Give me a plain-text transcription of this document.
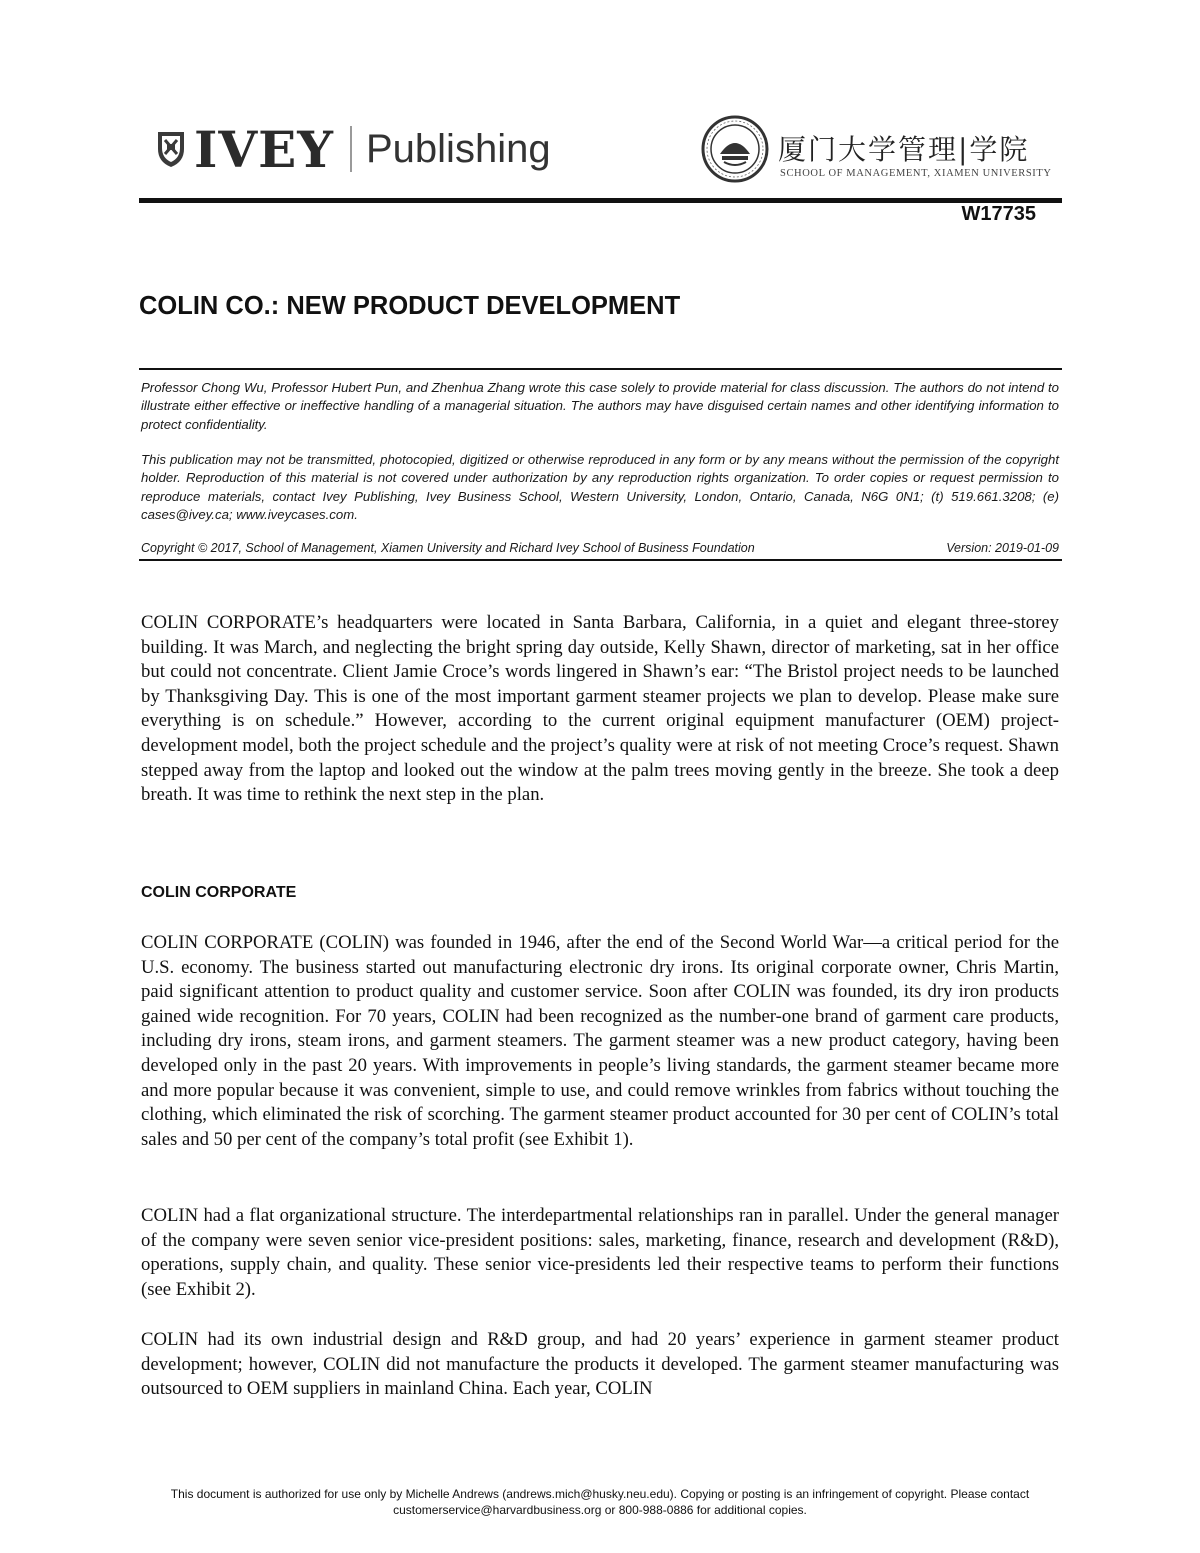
IVEY Publishing	厦门大学管理|学院
SCHOOL OF MANAGEMENT, XIAMEN UNIVERSITY
W17735
COLIN CO.: NEW PRODUCT DEVELOPMENT
Professor Chong Wu, Professor Hubert Pun, and Zhenhua Zhang wrote this case solely to provide material for class discussion. The authors do not intend to illustrate either effective or ineffective handling of a managerial situation. The authors may have disguised certain names and other identifying information to protect confidentiality.
This publication may not be transmitted, photocopied, digitized or otherwise reproduced in any form or by any means without the permission of the copyright holder. Reproduction of this material is not covered under authorization by any reproduction rights organization. To order copies or request permission to reproduce materials, contact Ivey Publishing, Ivey Business School, Western University, London, Ontario, Canada, N6G 0N1; (t) 519.661.3208; (e) cases@ivey.ca; www.iveycases.com.
Copyright © 2017, School of Management, Xiamen University and Richard Ivey School of Business Foundation	Version: 2019-01-09

COLIN CORPORATE’s headquarters were located in Santa Barbara, California, in a quiet and elegant three-storey building. It was March, and neglecting the bright spring day outside, Kelly Shawn, director of marketing, sat in her office but could not concentrate. Client Jamie Croce’s words lingered in Shawn’s ear: “The Bristol project needs to be launched by Thanksgiving Day. This is one of the most important garment steamer projects we plan to develop. Please make sure everything is on schedule.” However, according to the current original equipment manufacturer (OEM) project-development model, both the project schedule and the project’s quality were at risk of not meeting Croce’s request. Shawn stepped away from the laptop and looked out the window at the palm trees moving gently in the breeze. She took a deep breath. It was time to rethink the next step in the plan.

COLIN CORPORATE

COLIN CORPORATE (COLIN) was founded in 1946, after the end of the Second World War—a critical period for the U.S. economy. The business started out manufacturing electronic dry irons. Its original corporate owner, Chris Martin, paid significant attention to product quality and customer service. Soon after COLIN was founded, its dry iron products gained wide recognition. For 70 years, COLIN had been recognized as the number-one brand of garment care products, including dry irons, steam irons, and garment steamers. The garment steamer was a new product category, having been developed only in the past 20 years. With improvements in people’s living standards, the garment steamer became more and more popular because it was convenient, simple to use, and could remove wrinkles from fabrics without touching the clothing, which eliminated the risk of scorching. The garment steamer product accounted for 30 per cent of COLIN’s total sales and 50 per cent of the company’s total profit (see Exhibit 1).

COLIN had a flat organizational structure. The interdepartmental relationships ran in parallel. Under the general manager of the company were seven senior vice-president positions: sales, marketing, finance, research and development (R&D), operations, supply chain, and quality. These senior vice-presidents led their respective teams to perform their functions (see Exhibit 2).

COLIN had its own industrial design and R&D group, and had 20 years’ experience in garment steamer product development; however, COLIN did not manufacture the products it developed. The garment steamer manufacturing was outsourced to OEM suppliers in mainland China. Each year, COLIN

This document is authorized for use only by Michelle Andrews (andrews.mich@husky.neu.edu). Copying or posting is an infringement of copyright. Please contact
customerservice@harvardbusiness.org or 800-988-0886 for additional copies.
